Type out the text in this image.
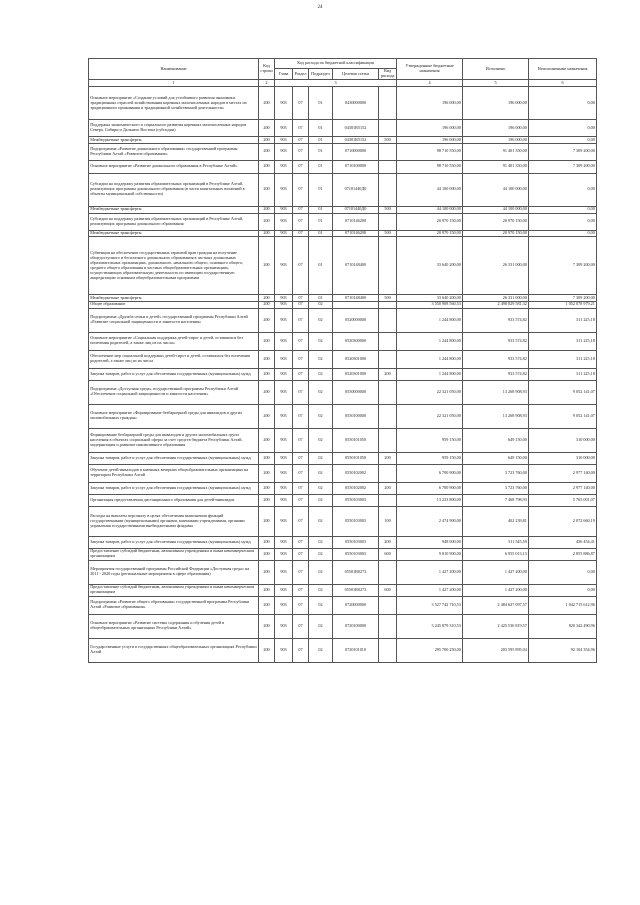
24
Наименование	Код строки	Код расхода по бюджетной классификации					Утвержденные бюджетные назначения	Исполнено	Неисполненные назначения
		Глава	Раздел	Подраздел	Целевая статья	Вид расхода			
1	2	3					4	5	6
Основное мероприятие «Создание условий для устойчивого развития экономики традиционных отраслей хозяйствования коренных малочисленных народов в местах их традиционного проживания и традиционной хозяйственной деятельности»	200	903	07	01	0430000000		196 000,00	196 000,00	0,00
Поддержка экономического и социального развития коренных малочисленных народов Севера, Сибири и Дальнего Востока (субсидии)	200	903	07	01	04301R5152		196 000,00	196 000,00	0,00
Межбюджетные трансферты	200	903	07	01	04301R5152	500	196 000,00	196 000,00	0,00
Подпрограмма «Развитие дошкольного образования» государственной программы Республики Алтай «Развитие образования»	200	903	07	01	0710000000		98 710 550,00	91 401 350,00	7 309 200,00
Основное мероприятие «Развитие дошкольного образования в Республике Алтай»	200	903	07	01	0710100000		98 710 550,00	91 401 350,00	7 309 200,00
Субсидии на поддержку развития образовательных организаций в Республике Алтай, реализующих программы дошкольного образования (в части капитальных вложений в объекты муниципальной собственности)	200	903	07	01	07101440Д0		44 100 000,00	44 100 000,00	0,00
Межбюджетные трансферты	200	903	07	01	07101440Д0	500	44 100 000,00	44 100 000,00	0,00
Субсидии на поддержку развития образовательных организаций в Республике Алтай, реализующих программы дошкольного образования	200	903	07	01	0710146200		20 970 150,00	20 970 150,00	0,00
Межбюджетные трансферты	200	903	07	01	0710146200	500	20 970 150,00	20 970 150,00	0,00
Субвенции на обеспечение государственных гарантий прав граждан на получение общедоступного и бесплатного дошкольного образования в частных дошкольных образовательных организациях, дошкольного, начального общего, основного общего, среднего общего образования в частных общеобразовательных организациях, осуществляющих образовательную деятельность по имеющим государственную аккредитацию основным общеобразовательным программам	200	903	07	01	0710148400		33 640 200,00	26 331 000,00	7 309 200,00
Межбюджетные трансферты	200	903	07	01	0710148400	500	33 640 200,00	26 331 000,00	7 309 200,00
Общее образование	200	903	07	02			3 550 908 560,53	2 498 829 581,32	1 052 078 979,21
Подпрограмма «Дружба семьи и детей» государственной программы Республики Алтай «Развитие социальной защищенности и занятости населения»	200	903	07	02	0520000000		1 244 800,00	933 574,82	311 225,18
Основное мероприятие «Социальная поддержка детей-сирот и детей, оставшихся без попечения родителей, а также лиц из их числа»	200	903	07	02	0520300000		1 244 800,00	933 574,82	311 225,18
Обеспечение мер социальной поддержки детей-сирот и детей, оставшихся без попечения родителей, а также лиц из их числа	200	903	07	02	0520301000		1 244 800,00	933 574,82	311 225,18
Закупка товаров, работ и услуг для обеспечения государственных (муниципальных) нужд	200	903	07	02	0520301000	200	1 244 800,00	933 574,82	311 225,18
Подпрограмма «Доступная среда» государственной программы Республики Алтай «Обеспечение социальной защищенности и занятости населения»	200	903	07	02	0550000000		22 321 050,00	13 268 908,93	9 052 141,07
Основное мероприятие «Формирование безбарьерной среды для инвалидов и других маломобильных граждан»	200	903	07	02	0550100000		22 321 050,00	13 268 908,93	9 052 141,07
Формирование безбарьерной среды для инвалидов и других маломобильных групп населения в объектах социальной сферы за счет средств бюджета Республики Алтай, модернизация и развитие инклюзивного образования	200	903	07	02	0550101050		959 150,00	649 150,00	310 000,00
Закупка товаров, работ и услуг для обеспечения государственных (муниципальных) нужд	200	903	07	02	0550101050	200	959 150,00	649 150,00	310 000,00
Обучение детей-инвалидов в казенных вечерних общеобразовательных организациях на территории Республики Алтай	200	903	07	02	0550102002		6 700 900,00	3 723 760,00	2 977 140,00
Закупка товаров, работ и услуг для обеспечения государственных (муниципальных) нужд	200	903	07	02	0550102002	200	6 700 900,00	3 723 760,00	2 977 140,00
Организация предоставления дистанционного образования для детей-инвалидов	200	903	07	02	0550103003		13 233 800,00	7 468 798,93	5 765 001,07
Расходы на выплаты персоналу в целях обеспечения выполнения функций государственными (муниципальными) органами, казенными учреждениями, органами управления государственными внебюджетными фондами	200	903	07	02	0550103003	100	2 474 900,00	402 239,81	2 072 660,19
Закупка товаров, работ и услуг для обеспечения государственных (муниципальных) нужд	200	903	07	02	0550103003	200	948 000,00	511 545,59	436 454,41
Предоставление субсидий бюджетным, автономным учреждениям и иным некоммерческим организациям	200	903	07	02	0550103003	600	9 810 900,00	6 955 013,13	2 855 886,87
Мероприятия государственной программы Российской Федерации «Доступная среда» на 2011 - 2020 годы (региональные мероприятия в сфере образования)	200	903	07	02	05501R0273		1 427 200,00	1 427 200,00	0,00
Предоставление субсидий бюджетным, автономным учреждениям и иным некоммерческим организациям	200	903	07	02	05501R0273	600	1 427 200,00	1 427 200,00	0,00
Подпрограмма «Развитие общего образования» государственной программы Республики Алтай «Развитие образования»	200	903	07	02	0720000000		3 527 742 710,53	2 484 627 097,57	1 042 715 612,96
Основное мероприятие «Развитие системы содержания и обучения детей в общеобразовательных организациях Республики Алтай»	200	903	07	02	0720100000		3 245 879 310,53	2 425 536 819,57	820 342 490,96
Государственные услуги в государственных общеобразовательных организациях Республики Алтай	200	903	07	02	0720101010		295 700 250,00	203 595 895,04	92 104 354,96
